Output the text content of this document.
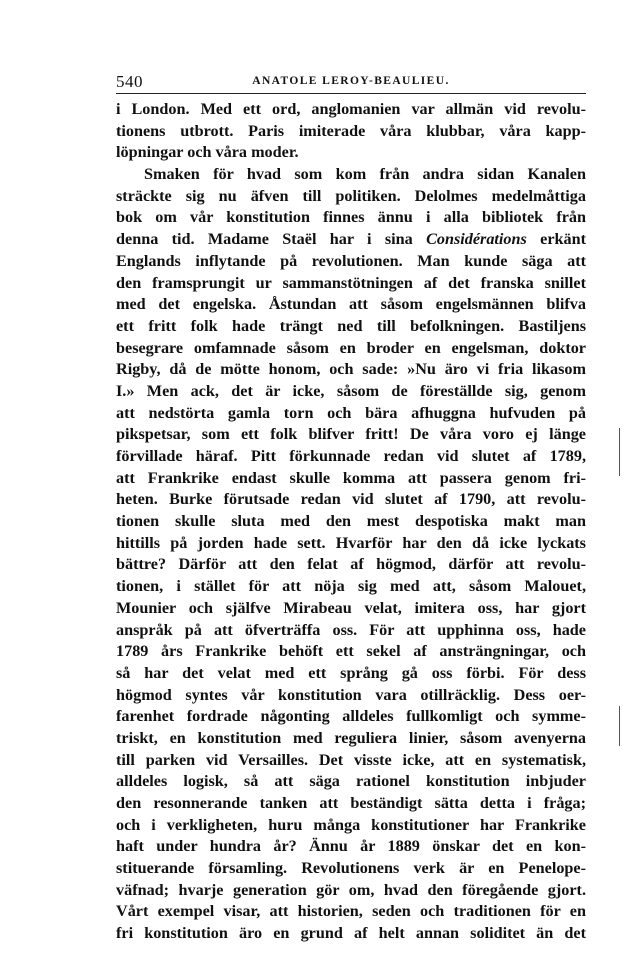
540	ANATOLE LEROY-BEAULIEU.
i London. Med ett ord, anglomanien var allmän vid revolu-
tionens utbrott. Paris imiterade våra klubbar, våra kapp-
löpningar och våra moder.
Smaken för hvad som kom från andra sidan Kanalen
sträckte sig nu äfven till politiken. Delolmes medelmåttiga
bok om vår konstitution finnes ännu i alla bibliotek från
denna tid. Madame Staël har i sina Considérations erkänt
Englands inflytande på revolutionen. Man kunde säga att
den framsprungit ur sammanstötningen af det franska snillet
med det engelska. Åstundan att såsom engelsmännen blifva
ett fritt folk hade trängt ned till befolkningen. Bastiljens
besegrare omfamnade såsom en broder en engelsman, doktor
Rigby, då de mötte honom, och sade: »Nu äro vi fria likasom
I.» Men ack, det är icke, såsom de föreställde sig, genom
att nedstörta gamla torn och bära afhuggna hufvuden på
pikspetsar, som ett folk blifver fritt! De våra voro ej länge
förvillade häraf. Pitt förkunnade redan vid slutet af 1789,
att Frankrike endast skulle komma att passera genom fri-
heten. Burke förutsade redan vid slutet af 1790, att revolu-
tionen skulle sluta med den mest despotiska makt man
hittills på jorden hade sett. Hvarför har den då icke lyckats
bättre? Därför att den felat af högmod, därför att revolu-
tionen, i stället för att nöja sig med att, såsom Malouet,
Mounier och själfve Mirabeau velat, imitera oss, har gjort
anspråk på att öfverträffa oss. För att upphinna oss, hade
1789 års Frankrike behöft ett sekel af ansträngningar, och
så har det velat med ett språng gå oss förbi. För dess
högmod syntes vår konstitution vara otillräcklig. Dess oer-
farenhet fordrade någonting alldeles fullkomligt och symme-
triskt, en konstitution med reguliera linier, såsom avenyerna
till parken vid Versailles. Det visste icke, att en systematisk,
alldeles logisk, så att säga rationel konstitution inbjuder
den resonnerande tanken att beständigt sätta detta i fråga;
och i verkligheten, huru många konstitutioner har Frankrike
haft under hundra år? Ännu år 1889 önskar det en kon-
stituerande församling. Revolutionens verk är en Penelope-
väfnad; hvarje generation gör om, hvad den föregående gjort.
Vårt exempel visar, att historien, seden och traditionen för en
fri konstitution äro en grund af helt annan soliditet än det
